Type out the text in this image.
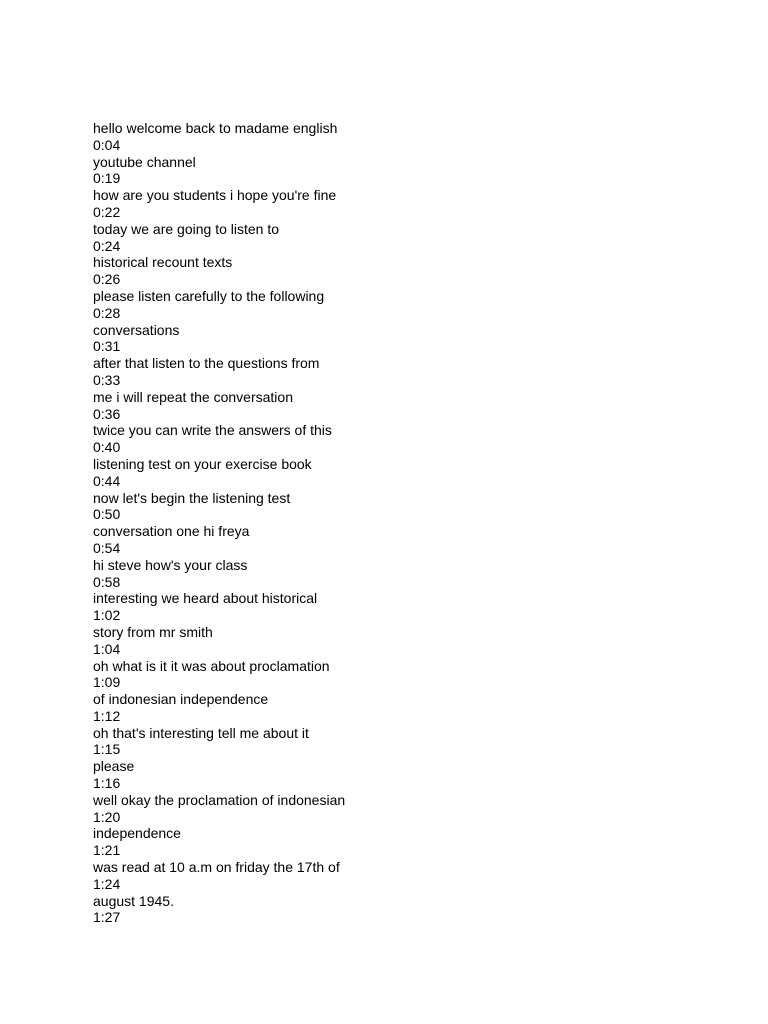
hello welcome back to madame english
0:04
youtube channel
0:19
how are you students i hope you're fine
0:22
today we are going to listen to
0:24
historical recount texts
0:26
please listen carefully to the following
0:28
conversations
0:31
after that listen to the questions from
0:33
me i will repeat the conversation
0:36
twice you can write the answers of this
0:40
listening test on your exercise book
0:44
now let's begin the listening test
0:50
conversation one hi freya
0:54
hi steve how's your class
0:58
interesting we heard about historical
1:02
story from mr smith
1:04
oh what is it it was about proclamation
1:09
of indonesian independence
1:12
oh that's interesting tell me about it
1:15
please
1:16
well okay the proclamation of indonesian
1:20
independence
1:21
was read at 10 a.m on friday the 17th of
1:24
august 1945.
1:27
